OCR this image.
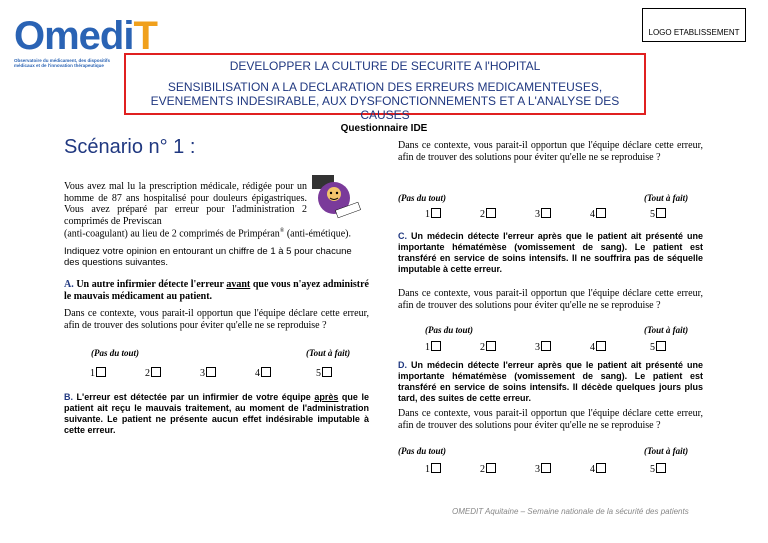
OmediT
Observatoire du médicament, des dispositifs médicaux et de l'innovation thérapeutique
LOGO ETABLISSEMENT
DEVELOPPER LA CULTURE DE SECURITE A l'HOPITAL
SENSIBILISATION A LA DECLARATION DES ERREURS MEDICAMENTEUSES, EVENEMENTS INDESIRABLE, AUX DYSFONCTIONNEMENTS ET A L'ANALYSE DES CAUSES
Questionnaire IDE
Scénario n° 1 :
Vous avez mal lu la prescription médicale, rédigée pour un homme de 87 ans hospitalisé pour douleurs épigastriques. Vous avez préparé par erreur pour l'administration 2 comprimés de Previscan
(anti-coagulant) au lieu de 2 comprimés de Primpéran® (anti-émétique).
Indiquez votre opinion en entourant un chiffre de 1 à 5 pour chacune des questions suivantes.
A. Un autre infirmier détecte l'erreur avant que vous n'ayez administré le mauvais médicament au patient.
Dans ce contexte, vous parait-il opportun que l'équipe déclare cette erreur, afin de trouver des solutions pour éviter qu'elle ne se reproduise ?
(Pas du tout)	(Tout à fait)
1	2	3	4	5
B. L'erreur est détectée par un infirmier de votre équipe après que le patient ait reçu le mauvais traitement, au moment de l'administration suivante. Le patient ne présente aucun effet indésirable imputable à cette erreur.
Dans ce contexte, vous parait-il opportun que l'équipe déclare cette erreur, afin de trouver des solutions pour éviter qu'elle ne se reproduise ?
(Pas du tout)	(Tout à fait)
1	2	3	4	5
C. Un médecin détecte l'erreur après que le patient ait présenté une importante hématémèse (vomissement de sang). Le patient est transféré en service de soins intensifs. Il ne souffrira pas de séquelle imputable à cette erreur.
Dans ce contexte, vous parait-il opportun que l'équipe déclare cette erreur, afin de trouver des solutions pour éviter qu'elle ne se reproduise ?
(Pas du tout)	(Tout à fait)
1	2	3	4	5
D. Un médecin détecte l'erreur après que le patient ait présenté une importante hématémèse (vomissement de sang). Le patient est transféré en service de soins intensifs. Il décède quelques jours plus tard, des suites de cette erreur.
Dans ce contexte, vous parait-il opportun que l'équipe déclare cette erreur, afin de trouver des solutions pour éviter qu'elle ne se reproduise ?
(Pas du tout)	(Tout à fait)
1	2	3	4	5
OMEDIT Aquitaine – Semaine nationale de la sécurité des patients
